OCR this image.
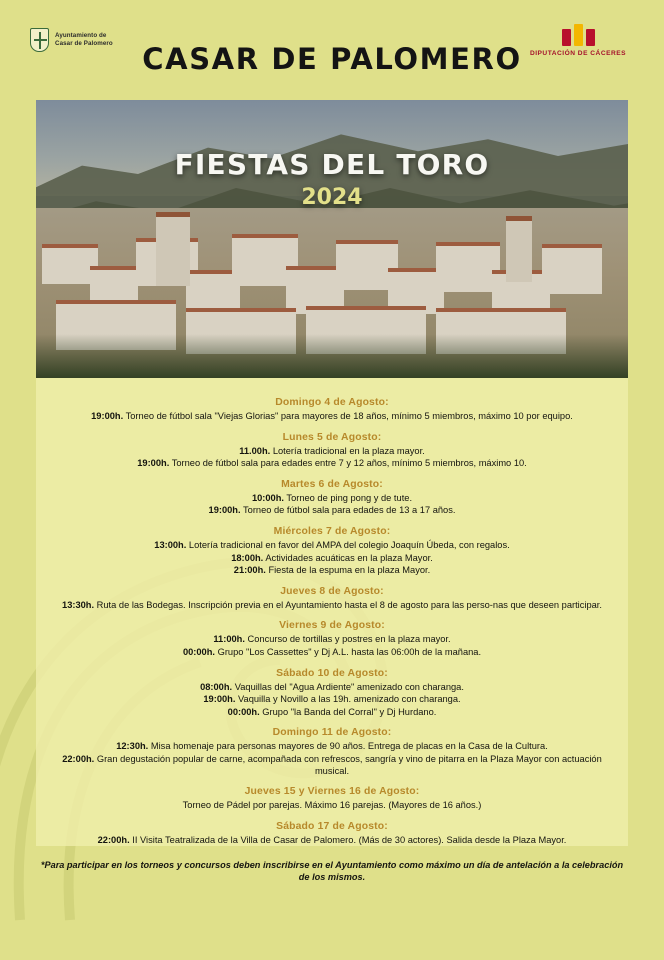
Ayuntamiento de
Casar de Palomero
DIPUTACIÓN DE CÁCERES
CASAR DE PALOMERO
FIESTAS DEL TORO
2024
Domingo 4 de Agosto:
19:00h. Torneo de fútbol sala "Viejas Glorias" para mayores de 18 años, mínimo 5 miembros, máximo 10 por equipo.
Lunes 5 de Agosto:
11.00h. Lotería tradicional en la plaza mayor.
19:00h. Torneo de fútbol sala para edades entre 7 y 12 años, mínimo 5 miembros, máximo 10.
Martes 6 de Agosto:
10:00h. Torneo de ping pong y de tute.
19:00h. Torneo de fútbol sala para edades de 13 a 17 años.
Miércoles 7 de Agosto:
13:00h. Lotería tradicional en favor del AMPA del colegio Joaquín Úbeda, con regalos.
18:00h. Actividades acuáticas en la plaza Mayor.
21:00h. Fiesta de la espuma en la plaza Mayor.
Jueves 8 de Agosto:
13:30h. Ruta de las Bodegas. Inscripción previa en el Ayuntamiento hasta el 8 de agosto para las perso-nas que deseen participar.
Viernes 9 de Agosto:
11:00h. Concurso de tortillas y postres en la plaza mayor.
00:00h. Grupo "Los Cassettes" y Dj A.L. hasta las 06:00h de la mañana.
Sábado 10 de Agosto:
08:00h. Vaquillas del "Agua Ardiente" amenizado con charanga.
19:00h. Vaquilla y Novillo a las 19h. amenizado con charanga.
00:00h. Grupo "la Banda del Corral" y Dj Hurdano.
Domingo 11 de Agosto:
12:30h. Misa homenaje para personas mayores de 90 años. Entrega de placas en la Casa de la Cultura.
22:00h. Gran degustación popular de carne, acompañada con refrescos, sangría y vino de pitarra en la Plaza Mayor con actuación musical.
Jueves 15 y Viernes 16 de Agosto:
Torneo de Pádel por parejas. Máximo 16 parejas. (Mayores de 16 años.)
Sábado 17 de Agosto:
22:00h. II Visita Teatralizada de la Villa de Casar de Palomero. (Más de 30 actores). Salida desde la Plaza Mayor.
*Para participar en los torneos y concursos deben inscribirse en el Ayuntamiento como máximo un día de antelación a la celebración de los mismos.
